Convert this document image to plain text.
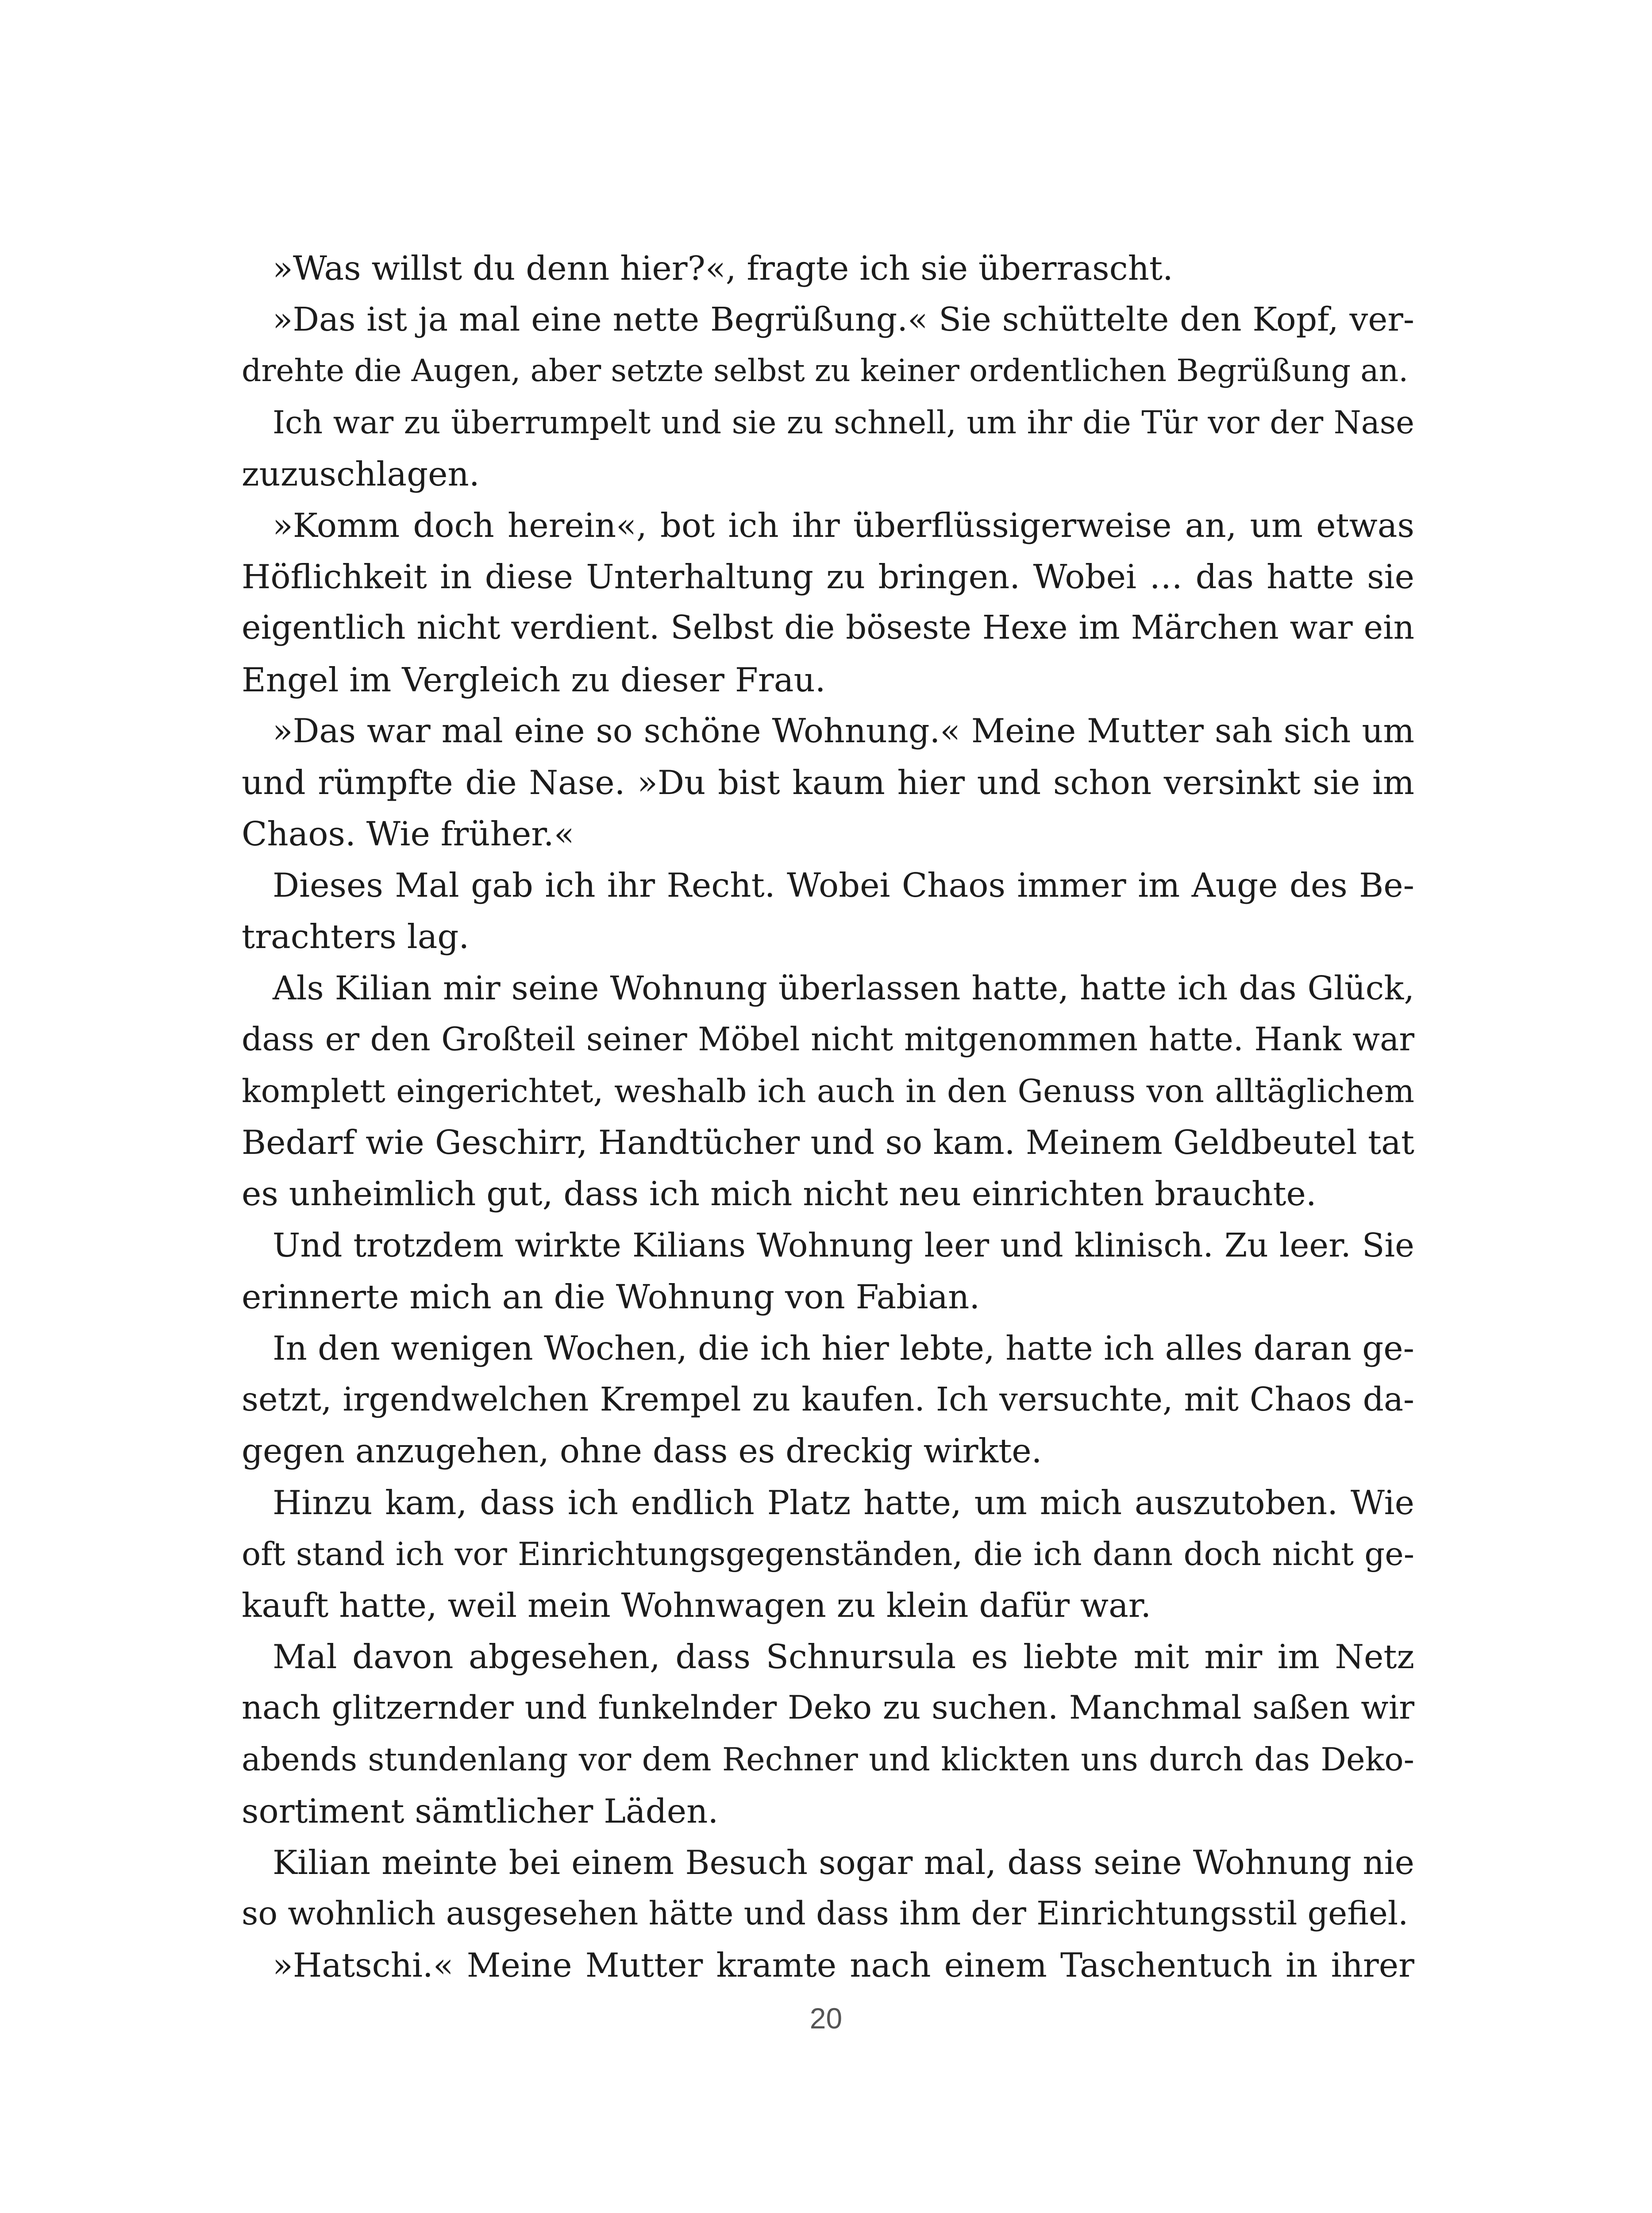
»Was willst du denn hier?«, fragte ich sie überrascht.
»Das ist ja mal eine nette Begrüßung.« Sie schüttelte den Kopf, ver-
drehte die Augen, aber setzte selbst zu keiner ordentlichen Begrüßung an.
Ich war zu überrumpelt und sie zu schnell, um ihr die Tür vor der Nase
zuzuschlagen.
»Komm doch herein«, bot ich ihr überflüssigerweise an, um etwas
Höflichkeit in diese Unterhaltung zu bringen. Wobei … das hatte sie
eigentlich nicht verdient. Selbst die böseste Hexe im Märchen war ein
Engel im Vergleich zu dieser Frau.
»Das war mal eine so schöne Wohnung.« Meine Mutter sah sich um
und rümpfte die Nase. »Du bist kaum hier und schon versinkt sie im
Chaos. Wie früher.«
Dieses Mal gab ich ihr Recht. Wobei Chaos immer im Auge des Be-
trachters lag.
Als Kilian mir seine Wohnung überlassen hatte, hatte ich das Glück,
dass er den Großteil seiner Möbel nicht mitgenommen hatte. Hank war
komplett eingerichtet, weshalb ich auch in den Genuss von alltäglichem
Bedarf wie Geschirr, Handtücher und so kam. Meinem Geldbeutel tat
es unheimlich gut, dass ich mich nicht neu einrichten brauchte.
Und trotzdem wirkte Kilians Wohnung leer und klinisch. Zu leer. Sie
erinnerte mich an die Wohnung von Fabian.
In den wenigen Wochen, die ich hier lebte, hatte ich alles daran ge-
setzt, irgendwelchen Krempel zu kaufen. Ich versuchte, mit Chaos da-
gegen anzugehen, ohne dass es dreckig wirkte.
Hinzu kam, dass ich endlich Platz hatte, um mich auszutoben. Wie
oft stand ich vor Einrichtungsgegenständen, die ich dann doch nicht ge-
kauft hatte, weil mein Wohnwagen zu klein dafür war.
Mal davon abgesehen, dass Schnursula es liebte mit mir im Netz
nach glitzernder und funkelnder Deko zu suchen. Manchmal saßen wir
abends stundenlang vor dem Rechner und klickten uns durch das Deko-
sortiment sämtlicher Läden.
Kilian meinte bei einem Besuch sogar mal, dass seine Wohnung nie
so wohnlich ausgesehen hätte und dass ihm der Einrichtungsstil gefiel.
»Hatschi.« Meine Mutter kramte nach einem Taschentuch in ihrer
20
